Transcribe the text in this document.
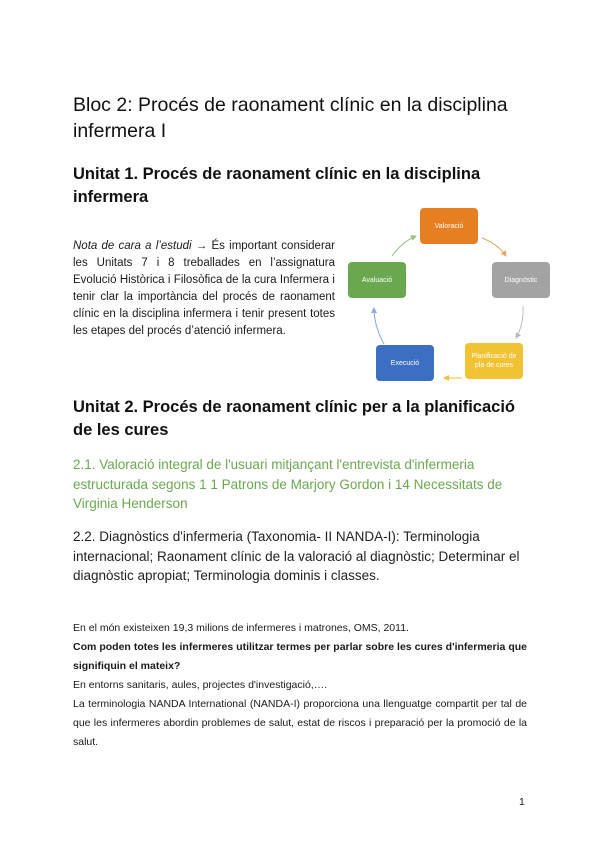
Bloc 2: Procés de raonament clínic en la disciplina infermera I
Unitat 1. Procés de raonament clínic en la disciplina infermera
Nota de cara a l’estudi → És important considerar les Unitats 7 i 8 treballades en l’assignatura Evolució Històrica i Filosòfica de la cura Infermera i tenir clar la importància del procés de raonament clínic en la disciplina infermera i tenir present totes les etapes del procés d’atenció infermera.
Valoració
Diagnòstic
Planificació de pla de cures
Execució
Avaluació
Unitat 2. Procés de raonament clínic per a la planificació de les cures
2.1. Valoració integral de l'usuari mitjançant l'entrevista d'infermeria estructurada segons 1 1 Patrons de Marjory Gordon i 14 Necessitats de Virginia Henderson
2.2. Diagnòstics d'infermeria (Taxonomia- II NANDA-I): Terminologia internacional; Raonament clínic de la valoració al diagnòstic; Determinar el diagnòstic apropiat; Terminologia dominis i classes.
En el món existeixen 19,3 milions de infermeres i matrones, OMS, 2011.
Com poden totes les infermeres utilitzar termes per parlar sobre les cures d'infermeria que signifiquin el mateix?
En entorns sanitaris, aules, projectes d'investigació,….
La terminologia NANDA International (NANDA-I) proporciona una llenguatge compartit per tal de que les infermeres abordin problemes de salut, estat de riscos i preparació per la promoció de la salut.
1
